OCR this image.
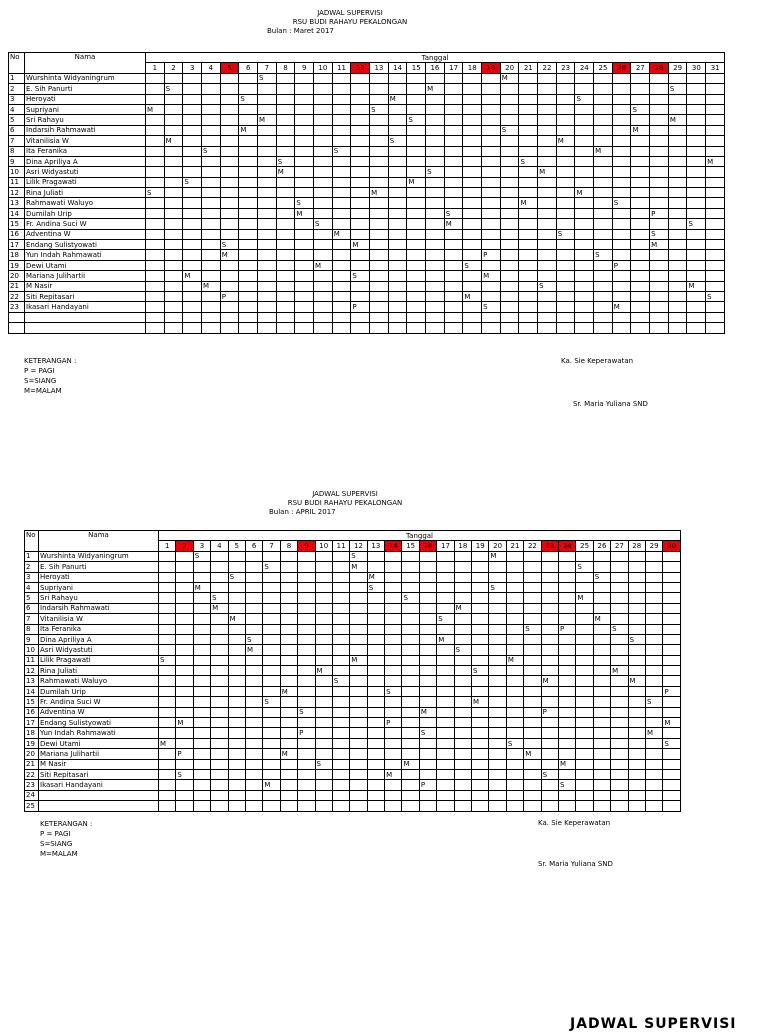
JADWAL SUPERVISI
RSU BUDI RAHAYU PEKALONGAN
Bulan : Maret 2017
No	Nama	Tanggal																														
		1	2	3	4	5	6	7	8	9	10	11	12	13	14	15	16	17	18	19	20	21	22	23	24	25	26	27	28	29	30	31
1	Wurshinta Widyaningrum							S													M											
2	E. Sih Panurti		S														M													S		
3	Heroyati						S								M										S							
4	Supriyani	M												S														S				
5	Sri Rahayu							M								S														M		
6	Indarsih Rahmawati						M														S							M				
7	Vitanilisia W		M												S									M								
8	Ita Feranika				S							S														M						
9	Dina Apriliya A								S													S										M
10	Asri Widyastuti								M								S						M									
11	Lilik Pragawati			S												M																
12	Rina Juliati	S												M											M							
13	Rahmawati Waluyo									S												M					S					
14	Dumilah Urip									M								S											P			
15	Fr. Andina Suci W										S							M													S	
16	Adventina W											M												S					S			
17	Endang Sulistyowati					S							M																M			
18	Yun Indah Rahmawati					M														P						S						
19	Dewi Utami										M								S								P					
20	Mariana Julihartii			M									S							M												
21	M Nasir				M																		S								M	
22	Siti Repitasari					P													M													S
23	Ikasari Handayani												P							S							M					

KETERANGAN :
P = PAGI
S=SIANG
M=MALAM
Ka. Sie Keperawatan
Sr. Maria Yuliana SND
JADWAL SUPERVISI
RSU BUDI RAHAYU PEKALONGAN
Bulan : APRIL 2017
No	Nama	Tanggal																													
		1	2	3	4	5	6	7	8	9	10	11	12	13	14	15	16	17	18	19	20	21	22	23	24	25	26	27	28	29	30
1	Wurshinta Widyaningrum			S									S								M										
2	E. Sih Panurti							S					M													S					
3	Heroyati					S								M													S				
4	Supriyani			M										S							S										
5	Sri Rahayu				S											S										M					
6	Indarsih Rahmawati				M														M												
7	Vitanilisia W					M												S									M				
8	Ita Feranika																						S		P			S			
9	Dina Apriliya A						S											M											S		
10	Asri Widyastuti						M												S												
11	Lilik Pragawati	S											M									M									
12	Rina Juliati										M									S								M			
13	Rahmawati Waluyo											S												M					M		
14	Dumilah Urip								M						S																P
15	Fr. Andina Suci W							S												M										S	
16	Adventina W									S							M							P							
17	Endang Sulistyowati		M												P																M
18	Yun Indah Rahmawati									P							S													M	
19	Dewi Utami	M																				S									S
20	Mariana Julihartii		P						M														M								
21	M Nasir										S					M									M						
22	Siti Repitasari		S												M									S							
23	Ikasari Handayani							M									P								S						
24																															
25																															
KETERANGAN :
P = PAGI
S=SIANG
M=MALAM
Ka. Sie Keperawatan
Sr. Maria Yuliana SND
JADWAL SUPERVISI
